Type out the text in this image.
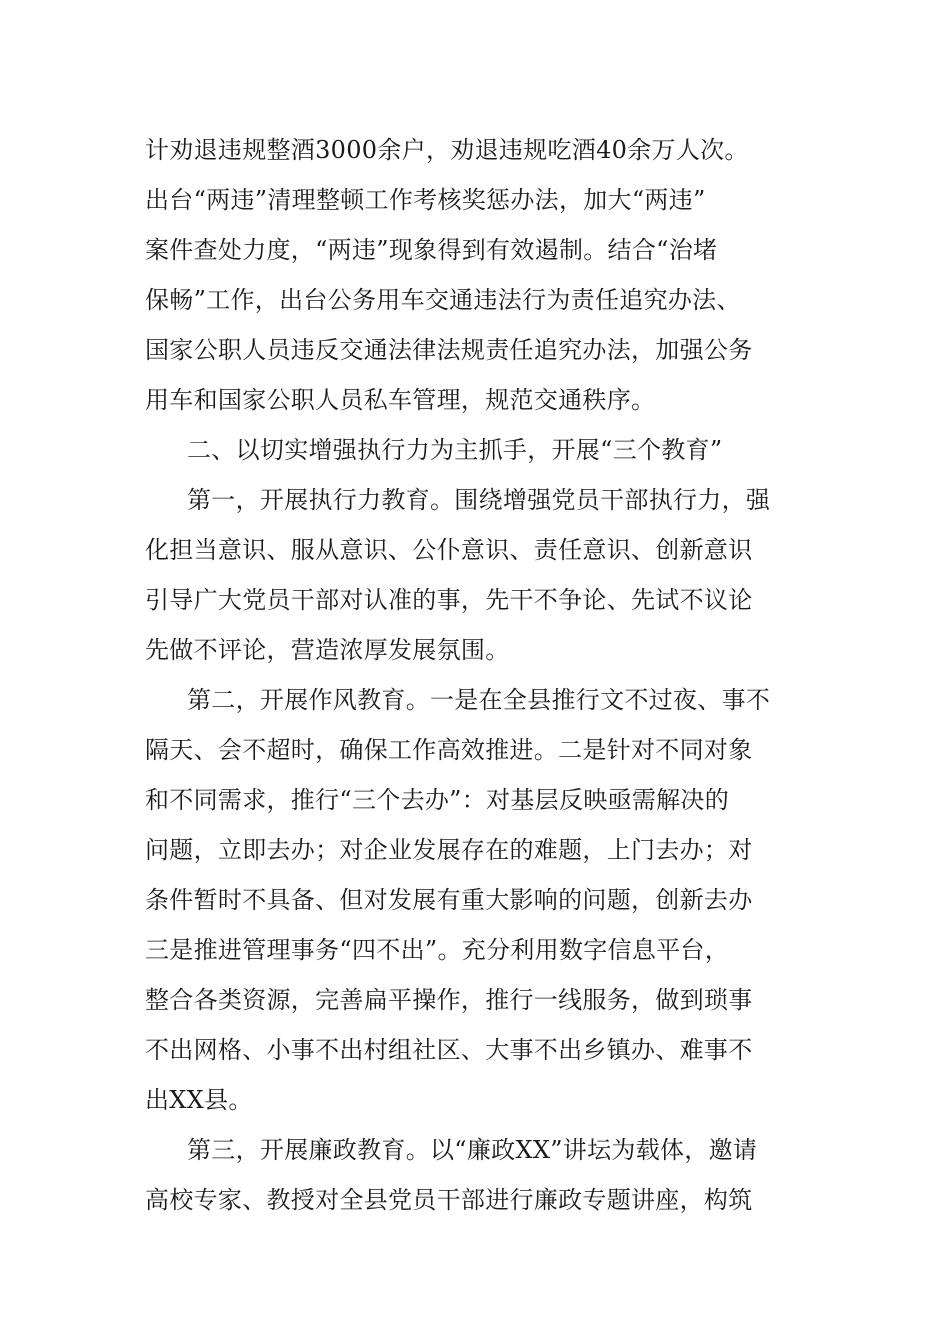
计劝退违规整酒3000余户，劝退违规吃酒40余万人次。
出台“两违”清理整顿工作考核奖惩办法，加大“两违”
案件查处力度，“两违”现象得到有效遏制。结合“治堵
保畅”工作，出台公务用车交通违法行为责任追究办法、
国家公职人员违反交通法律法规责任追究办法，加强公务
用车和国家公职人员私车管理，规范交通秩序。
二、以切实增强执行力为主抓手，开展“三个教育”
第一，开展执行力教育。围绕增强党员干部执行力，强
化担当意识、服从意识、公仆意识、责任意识、创新意识
引导广大党员干部对认准的事，先干不争论、先试不议论
先做不评论，营造浓厚发展氛围。
第二，开展作风教育。一是在全县推行文不过夜、事不
隔天、会不超时，确保工作高效推进。二是针对不同对象
和不同需求，推行“三个去办”：对基层反映亟需解决的
问题，立即去办；对企业发展存在的难题，上门去办；对
条件暂时不具备、但对发展有重大影响的问题，创新去办
三是推进管理事务“四不出”。充分利用数字信息平台，
整合各类资源，完善扁平操作，推行一线服务，做到琐事
不出网格、小事不出村组社区、大事不出乡镇办、难事不
出XX县。
第三，开展廉政教育。以“廉政XX”讲坛为载体，邀请
高校专家、教授对全县党员干部进行廉政专题讲座，构筑
